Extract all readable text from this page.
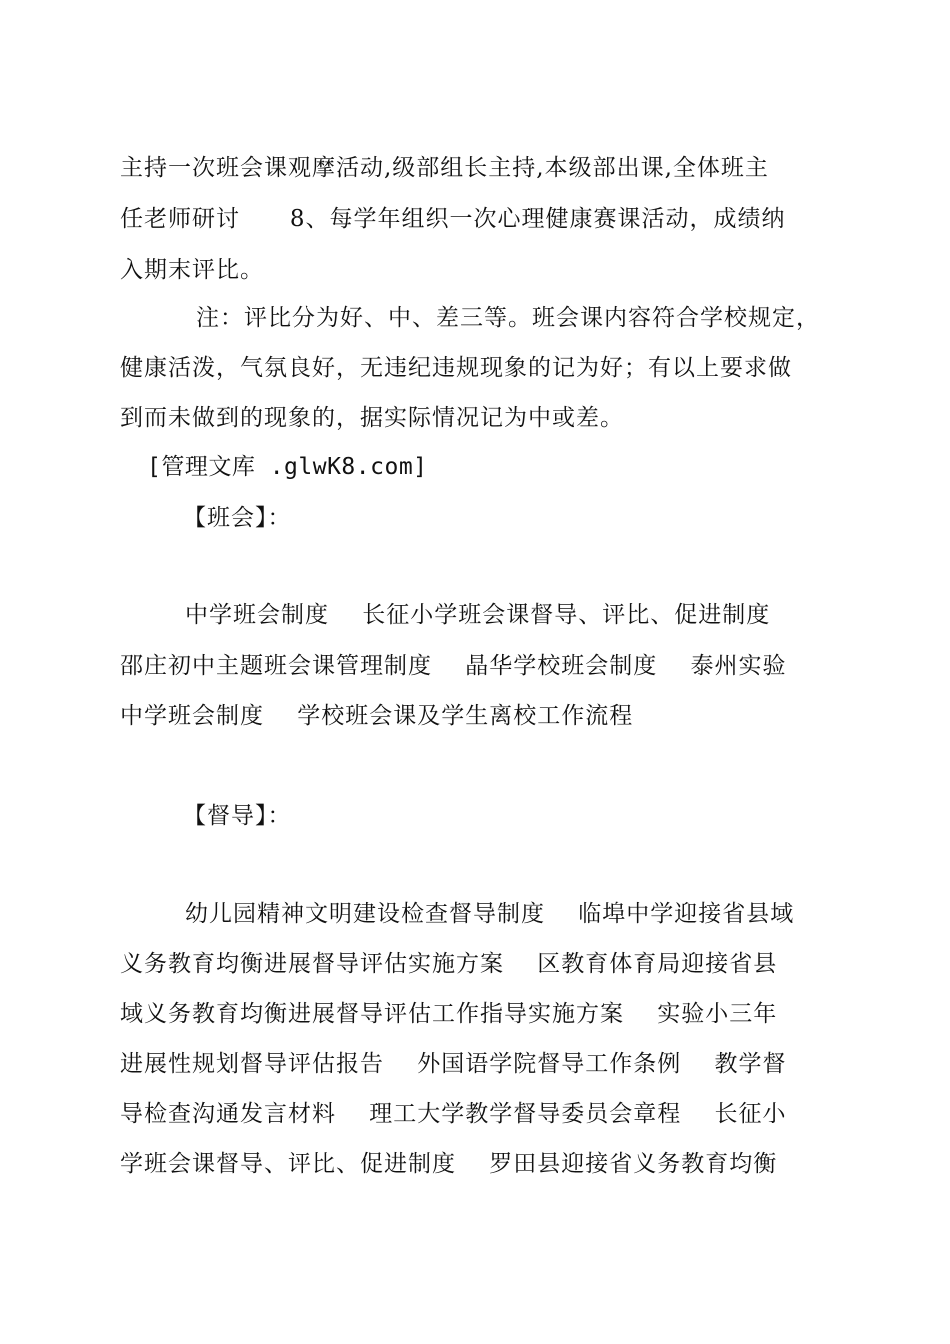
主持一次班会课观摩活动,级部组长主持,本级部出课,全体班主
任老师研讨      8、每学年组织一次心理健康赛课活动，成绩纳
入期末评比。
注：评比分为好、中、差三等。班会课内容符合学校规定，
健康活泼，气氛良好，无违纪违规现象的记为好；有以上要求做
到而未做到的现象的，据实际情况记为中或差。
[管理文库 .glwK8.com]
【班会】：
中学班会制度    长征小学班会课督导、评比、促进制度
邵庄初中主题班会课管理制度    晶华学校班会制度    泰州实验
中学班会制度    学校班会课及学生离校工作流程
【督导】：
幼儿园精神文明建设检查督导制度    临埠中学迎接省县域
义务教育均衡进展督导评估实施方案    区教育体育局迎接省县
域义务教育均衡进展督导评估工作指导实施方案    实验小三年
进展性规划督导评估报告    外国语学院督导工作条例    教学督
导检查沟通发言材料    理工大学教学督导委员会章程    长征小
学班会课督导、评比、促进制度    罗田县迎接省义务教育均衡
